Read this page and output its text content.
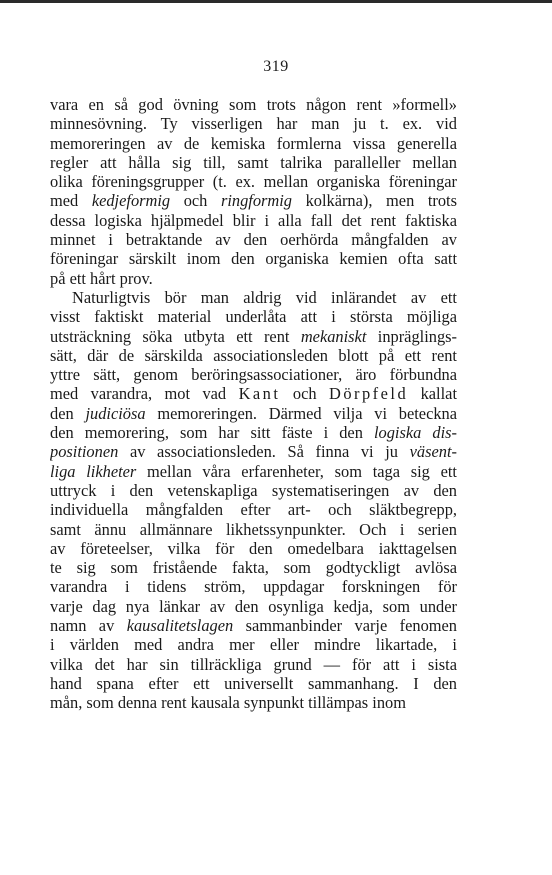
319
vara en så god övning som trots någon rent »formell»
minnesövning. Ty visserligen har man ju t. ex. vid
memoreringen av de kemiska formlerna vissa generella
regler att hålla sig till, samt talrika paralleller mellan
olika föreningsgrupper (t. ex. mellan organiska föreningar
med kedjeformig och ringformig kolkärna), men trots
dessa logiska hjälpmedel blir i alla fall det rent faktiska
minnet i betraktande av den oerhörda mångfalden av
föreningar särskilt inom den organiska kemien ofta satt
på ett hårt prov.
Naturligtvis bör man aldrig vid inlärandet av ett
visst faktiskt material underlåta att i största möjliga
utsträckning söka utbyta ett rent mekaniskt inpräglings-
sätt, där de särskilda associationsleden blott på ett rent
yttre sätt, genom beröringsassociationer, äro förbundna
med varandra, mot vad Kant och Dörpfeld kallat
den judiciösa memoreringen. Därmed vilja vi beteckna
den memorering, som har sitt fäste i den logiska dis-
positionen av associationsleden. Så finna vi ju väsent-
liga likheter mellan våra erfarenheter, som taga sig ett
uttryck i den vetenskapliga systematiseringen av den
individuella mångfalden efter art- och släktbegrepp,
samt ännu allmännare likhetssynpunkter. Och i serien
av företeelser, vilka för den omedelbara iakttagelsen
te sig som fristående fakta, som godtyckligt avlösa
varandra i tidens ström, uppdagar forskningen för
varje dag nya länkar av den osynliga kedja, som under
namn av kausalitetslagen sammanbinder varje fenomen
i världen med andra mer eller mindre likartade, i
vilka det har sin tillräckliga grund — för att i sista
hand spana efter ett universellt sammanhang. I den
mån, som denna rent kausala synpunkt tillämpas inom
